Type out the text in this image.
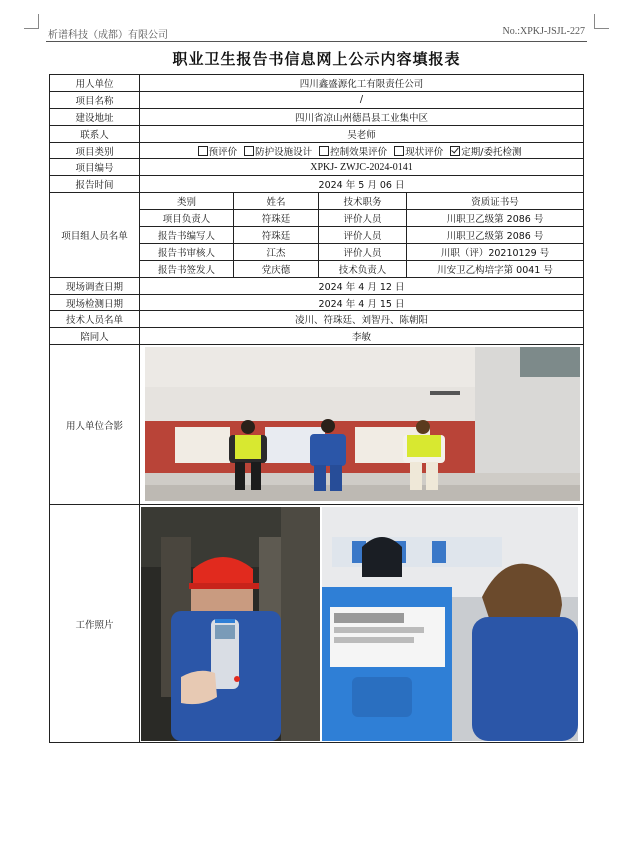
析谱科技（成都）有限公司	No.:XPKJ-JSJL-227
职业卫生报告书信息网上公示内容填报表
用人单位	四川鑫盛源化工有限责任公司			
项目名称	/			
建设地址	四川省凉山州德昌县工业集中区			
联系人	吴老师			
项目类别	预评价 防护设施设计 控制效果评价 现状评价 定期/委托检测			
项目编号	XPKJ- ZWJC-2024-0141			
报告时间	2024 年 5 月 06 日			
项目组人员名单	类别	姓名	技术职务	资质证书号
	项目负责人	符珠廷	评价人员	川职卫乙级第 2086 号
	报告书编写人	符珠廷	评价人员	川职卫乙级第 2086 号
	报告书审核人	江杰	评价人员	川职（评）20210129 号
	报告书签发人	党庆德	技术负责人	川安卫乙构培字第 0041 号
现场调查日期	2024 年 4 月 12 日			
现场检测日期	2024 年 4 月 15 日			
技术人员名单	凌川、符珠廷、刘智丹、陈朝阳			
陪同人	李敏			
用人单位合影	

工作照片	
